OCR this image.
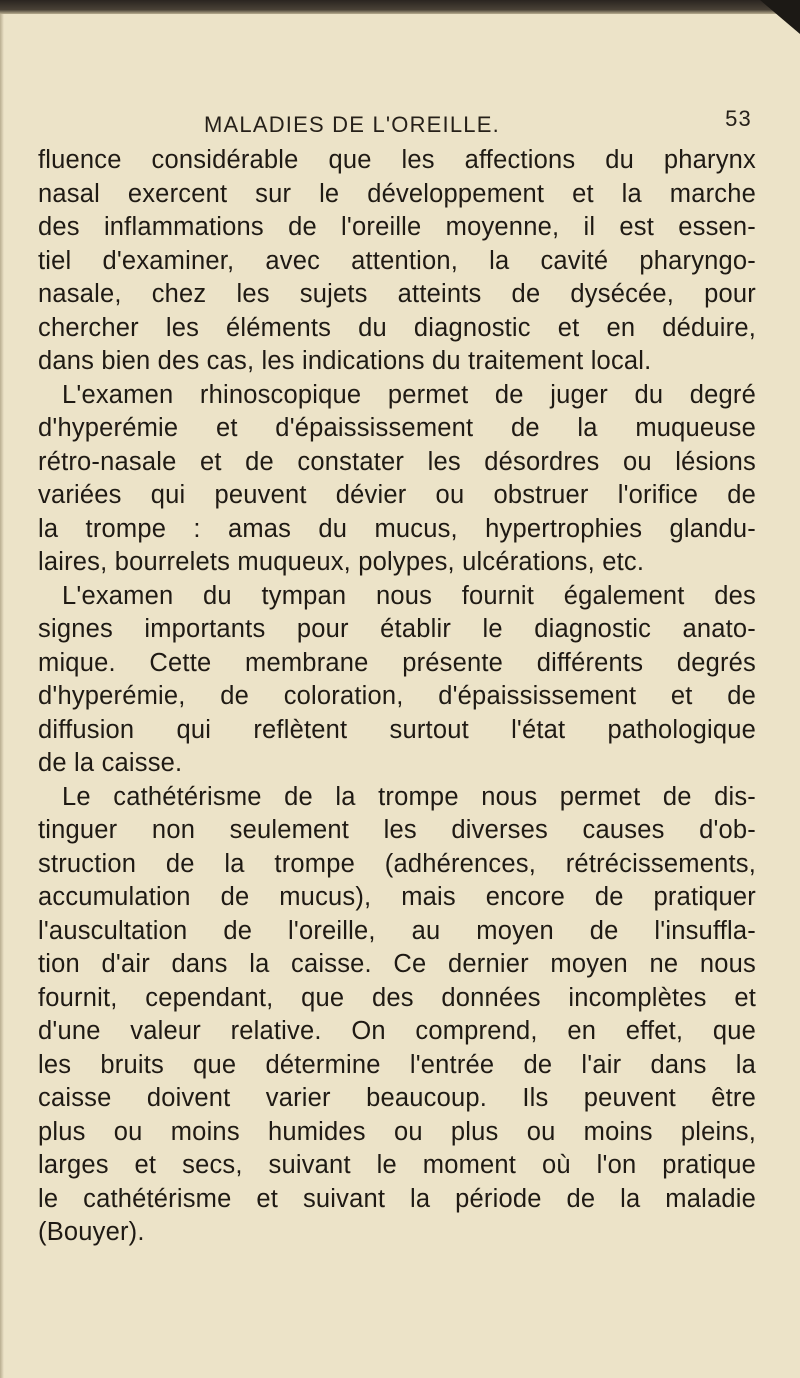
MALADIES DE L'OREILLE.	53

fluence considérable que les affections du pharynx
nasal exercent sur le développement et la marche
des inflammations de l'oreille moyenne, il est essen-
tiel d'examiner, avec attention, la cavité pharyngo-
nasale, chez les sujets atteints de dysécée, pour
chercher les éléments du diagnostic et en déduire,
dans bien des cas, les indications du traitement local.

L'examen rhinoscopique permet de juger du degré
d'hyperémie et d'épaississement de la muqueuse
rétro-nasale et de constater les désordres ou lésions
variées qui peuvent dévier ou obstruer l'orifice de
la trompe : amas du mucus, hypertrophies glandu-
laires, bourrelets muqueux, polypes, ulcérations, etc.

L'examen du tympan nous fournit également des
signes importants pour établir le diagnostic anato-
mique. Cette membrane présente différents degrés
d'hyperémie, de coloration, d'épaississement et de
diffusion qui reflètent surtout l'état pathologique
de la caisse.

Le cathétérisme de la trompe nous permet de dis-
tinguer non seulement les diverses causes d'ob-
struction de la trompe (adhérences, rétrécissements,
accumulation de mucus), mais encore de pratiquer
l'auscultation de l'oreille, au moyen de l'insuffla-
tion d'air dans la caisse. Ce dernier moyen ne nous
fournit, cependant, que des données incomplètes et
d'une valeur relative. On comprend, en effet, que
les bruits que détermine l'entrée de l'air dans la
caisse doivent varier beaucoup. Ils peuvent être
plus ou moins humides ou plus ou moins pleins,
larges et secs, suivant le moment où l'on pratique
le cathétérisme et suivant la période de la maladie
(Bouyer).
